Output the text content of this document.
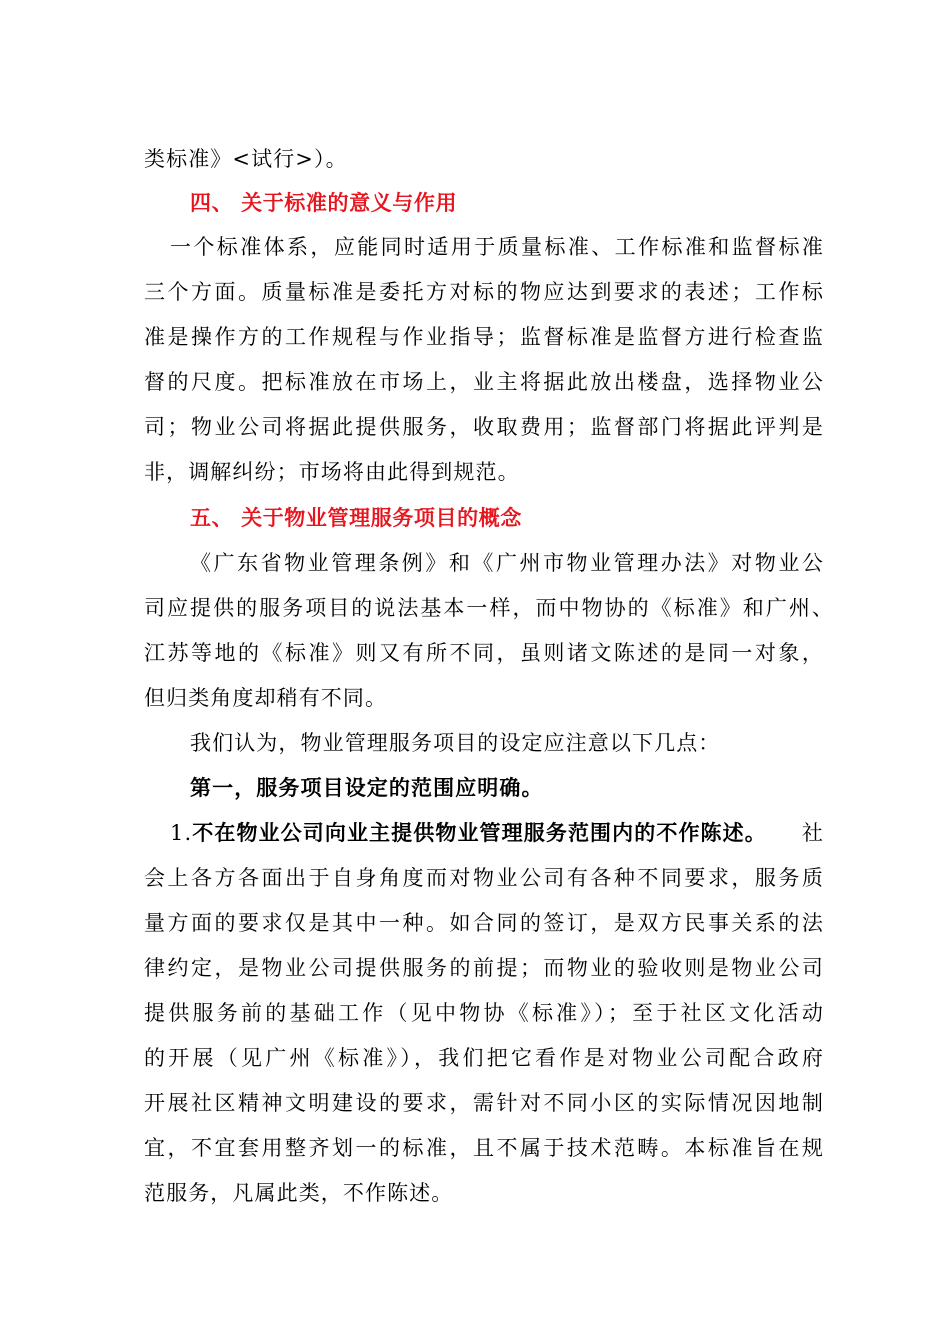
类标准》<试行>）。
四、 关于标准的意义与作用
一个标准体系，应能同时适用于质量标准、工作标准和监督标准
三个方面。质量标准是委托方对标的物应达到要求的表述；工作标
准是操作方的工作规程与作业指导；监督标准是监督方进行检查监
督的尺度。把标准放在市场上，业主将据此放出楼盘，选择物业公
司；物业公司将据此提供服务，收取费用；监督部门将据此评判是
非，调解纠纷；市场将由此得到规范。
五、 关于物业管理服务项目的概念
《广东省物业管理条例》和《广州市物业管理办法》对物业公
司应提供的服务项目的说法基本一样，而中物协的《标准》和广州、
江苏等地的《标准》则又有所不同，虽则诸文陈述的是同一对象，
但归类角度却稍有不同。
我们认为，物业管理服务项目的设定应注意以下几点：
第一，服务项目设定的范围应明确。
1.不在物业公司向业主提供物业管理服务范围内的不作陈述。 社
会上各方各面出于自身角度而对物业公司有各种不同要求，服务质
量方面的要求仅是其中一种。如合同的签订，是双方民事关系的法
律约定，是物业公司提供服务的前提；而物业的验收则是物业公司
提供服务前的基础工作（见中物协《标准》）；至于社区文化活动
的开展（见广州《标准》），我们把它看作是对物业公司配合政府
开展社区精神文明建设的要求，需针对不同小区的实际情况因地制
宜，不宜套用整齐划一的标准，且不属于技术范畴。本标准旨在规
范服务，凡属此类，不作陈述。
